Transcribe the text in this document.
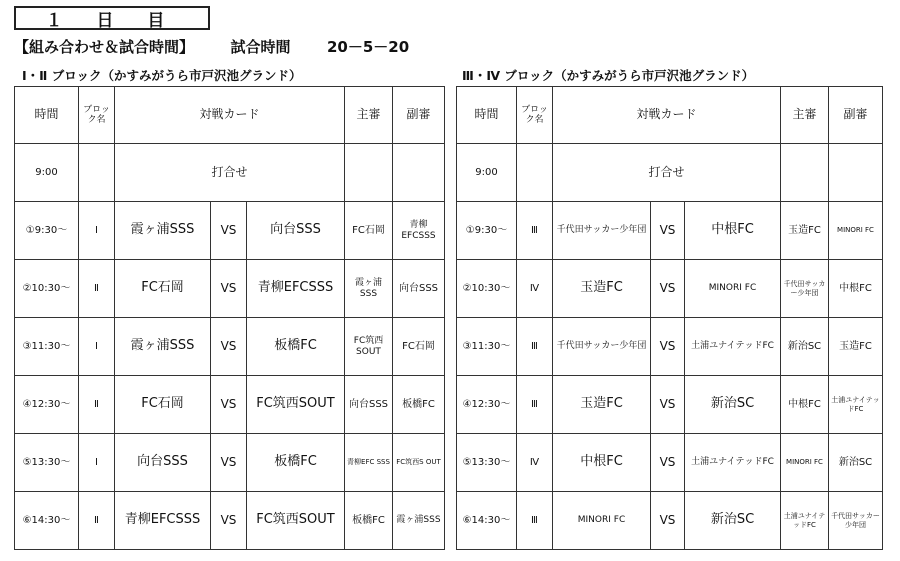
１ 日 目
【組み合わせ＆試合時間】 試合時間 20－5－20
Ⅰ・Ⅱ ブロック（かすみがうら市戸沢池グランド）	Ⅲ・Ⅳ ブロック（かすみがうら市戸沢池グランド）
時間	ブロック名	対戦カード			主審	副審
9:00		打合せ				
①9:30～	Ⅰ	霞ヶ浦SSS	VS	向台SSS	FC石岡	青柳EFCSSS
②10:30～	Ⅱ	FC石岡	VS	青柳EFCSSS	霞ヶ浦SSS	向台SSS
③11:30～	Ⅰ	霞ヶ浦SSS	VS	板橋FC	FC筑西SOUT	FC石岡
④12:30～	Ⅱ	FC石岡	VS	FC筑西SOUT	向台SSS	板橋FC
⑤13:30～	Ⅰ	向台SSS	VS	板橋FC	青柳EFC SSS	FC筑西S OUT
⑥14:30～	Ⅱ	青柳EFCSSS	VS	FC筑西SOUT	板橋FC	霞ヶ浦SSS
時間	ブロック名	対戦カード			主審	副審
9:00		打合せ				
①9:30～	Ⅲ	千代田サッカー少年団	VS	中根FC	玉造FC	MINORI FC
②10:30～	Ⅳ	玉造FC	VS	MINORI FC	千代田サッカー少年団	中根FC
③11:30～	Ⅲ	千代田サッカー少年団	VS	土浦ユナイテッドFC	新治SC	玉造FC
④12:30～	Ⅲ	玉造FC	VS	新治SC	中根FC	土浦ユナイテッドFC
⑤13:30～	Ⅳ	中根FC	VS	土浦ユナイテッドFC	MINORI FC	新治SC
⑥14:30～	Ⅲ	MINORI FC	VS	新治SC	土浦ユナイテッドFC	千代田サッカー少年団
